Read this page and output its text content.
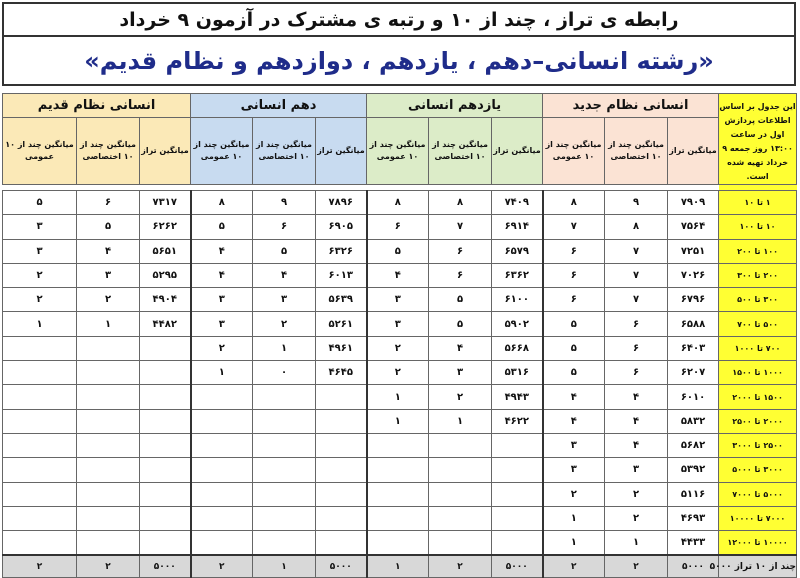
رابطه ی تراز ، چند از ۱۰ و رتبه ی مشترک در آزمون ۹ خرداد
«رشته انسانی–دهم ، یازدهم ، دوازدهم و نظام قدیم»
این جدول بر اساس اطلاعات پردازش اول در ساعت ۱۳:۰۰ روز جمعه ۹ خرداد تهیه شده است.	انسانی نظام جدید			یازدهم انسانی			دهم انسانی			انسانی نظام قدیم		
	میانگین تراز	میانگین چند از ۱۰ اختصاصی	میانگین چند از ۱۰ عمومی	میانگین تراز	میانگین چند از ۱۰ اختصاصی	میانگین چند از ۱۰ عمومی	میانگین تراز	میانگین چند از ۱۰ اختصاصی	میانگین چند از ۱۰ عمومی	میانگین تراز	میانگین چند از ۱۰ اختصاصی	میانگین چند از ۱۰ عمومی

۱ تا ۱۰	۷۹۰۹	۹	۸	۷۴۰۹	۸	۸	۷۸۹۶	۹	۸	۷۳۱۷	۶	۵
۱۰ تا ۱۰۰	۷۵۶۴	۸	۷	۶۹۱۴	۷	۶	۶۹۰۵	۶	۵	۶۲۶۲	۵	۳
۱۰۰ تا ۲۰۰	۷۲۵۱	۷	۶	۶۵۷۹	۶	۵	۶۳۲۶	۵	۴	۵۶۵۱	۴	۳
۲۰۰ تا ۳۰۰	۷۰۲۶	۷	۶	۶۳۶۲	۶	۴	۶۰۱۳	۴	۴	۵۲۹۵	۳	۲
۳۰۰ تا ۵۰۰	۶۷۹۶	۷	۶	۶۱۰۰	۵	۳	۵۶۳۹	۳	۳	۴۹۰۴	۲	۲
۵۰۰ تا ۷۰۰	۶۵۸۸	۶	۵	۵۹۰۲	۵	۳	۵۲۶۱	۲	۳	۴۴۸۲	۱	۱
۷۰۰ تا ۱۰۰۰	۶۴۰۳	۶	۵	۵۶۶۸	۴	۲	۴۹۶۱	۱	۲			
۱۰۰۰ تا ۱۵۰۰	۶۲۰۷	۶	۵	۵۳۱۶	۳	۲	۴۶۴۵	۰	۱			
۱۵۰۰ تا ۲۰۰۰	۶۰۱۰	۴	۴	۴۹۴۳	۲	۱						
۲۰۰۰ تا ۲۵۰۰	۵۸۳۲	۴	۴	۴۶۲۲	۱	۱						
۲۵۰۰ تا ۳۰۰۰	۵۶۸۲	۴	۳									
۳۰۰۰ تا ۵۰۰۰	۵۳۹۲	۳	۳									
۵۰۰۰ تا ۷۰۰۰	۵۱۱۶	۲	۲									
۷۰۰۰ تا ۱۰۰۰۰	۴۶۹۳	۲	۱									
۱۰۰۰۰ تا ۱۲۰۰۰	۴۴۳۳	۱	۱									
چند از ۱۰ تراز ۵۰۰۰	۵۰۰۰	۲	۲	۵۰۰۰	۲	۱	۵۰۰۰	۱	۲	۵۰۰۰	۲	۲
